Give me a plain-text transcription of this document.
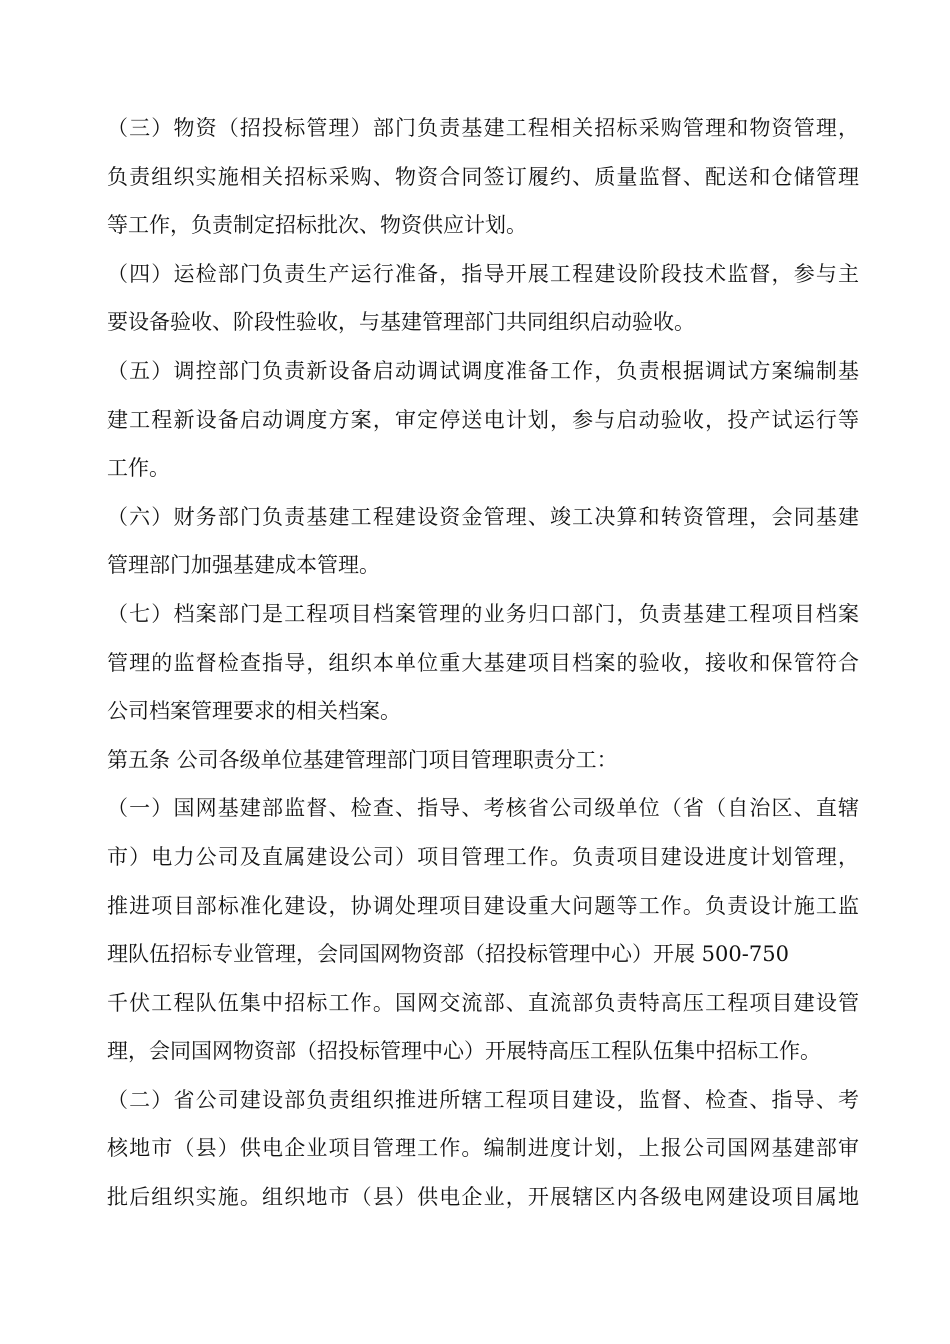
（三）物资（招投标管理）部门负责基建工程相关招标采购管理和物资管理，
负责组织实施相关招标采购、物资合同签订履约、质量监督、配送和仓储管理
等工作，负责制定招标批次、物资供应计划。
（四）运检部门负责生产运行准备，指导开展工程建设阶段技术监督，参与主
要设备验收、阶段性验收，与基建管理部门共同组织启动验收。
（五）调控部门负责新设备启动调试调度准备工作，负责根据调试方案编制基
建工程新设备启动调度方案，审定停送电计划，参与启动验收，投产试运行等
工作。
（六）财务部门负责基建工程建设资金管理、竣工决算和转资管理，会同基建
管理部门加强基建成本管理。
（七）档案部门是工程项目档案管理的业务归口部门，负责基建工程项目档案
管理的监督检查指导，组织本单位重大基建项目档案的验收，接收和保管符合
公司档案管理要求的相关档案。
第五条 公司各级单位基建管理部门项目管理职责分工：
（一）国网基建部监督、检查、指导、考核省公司级单位（省（自治区、直辖
市）电力公司及直属建设公司）项目管理工作。负责项目建设进度计划管理，
推进项目部标准化建设，协调处理项目建设重大问题等工作。负责设计施工监
理队伍招标专业管理，会同国网物资部（招投标管理中心）开展 500-750
千伏工程队伍集中招标工作。国网交流部、直流部负责特高压工程项目建设管
理，会同国网物资部（招投标管理中心）开展特高压工程队伍集中招标工作。
（二）省公司建设部负责组织推进所辖工程项目建设，监督、检查、指导、考
核地市（县）供电企业项目管理工作。编制进度计划，上报公司国网基建部审
批后组织实施。组织地市（县）供电企业，开展辖区内各级电网建设项目属地
